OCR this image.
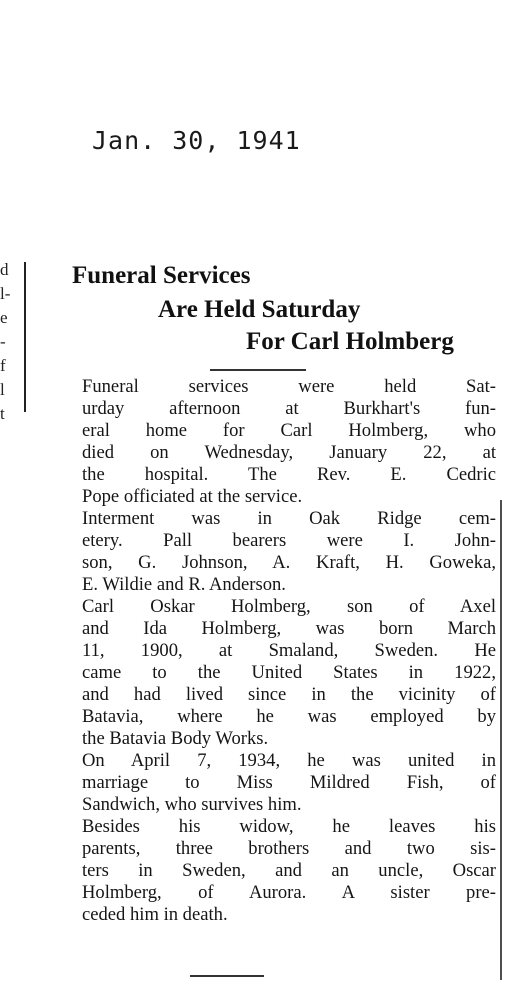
Jan. 30, 1941
d
l-
e
-
f
l
t
Funeral Services
Are Held Saturday
For Carl Holmberg
Funeral services were held Sat-
urday afternoon at Burkhart's fun-
eral home for Carl Holmberg, who
died on Wednesday, January 22, at
the hospital. The Rev. E. Cedric
Pope officiated at the service.
Interment was in Oak Ridge cem-
etery. Pall bearers were I. John-
son, G. Johnson, A. Kraft, H. Goweka,
E. Wildie and R. Anderson.
Carl Oskar Holmberg, son of Axel
and Ida Holmberg, was born March
11, 1900, at Smaland, Sweden. He
came to the United States in 1922,
and had lived since in the vicinity of
Batavia, where he was employed by
the Batavia Body Works.
On April 7, 1934, he was united in
marriage to Miss Mildred Fish, of
Sandwich, who survives him.
Besides his widow, he leaves his
parents, three brothers and two sis-
ters in Sweden, and an uncle, Oscar
Holmberg, of Aurora. A sister pre-
ceded him in death.
